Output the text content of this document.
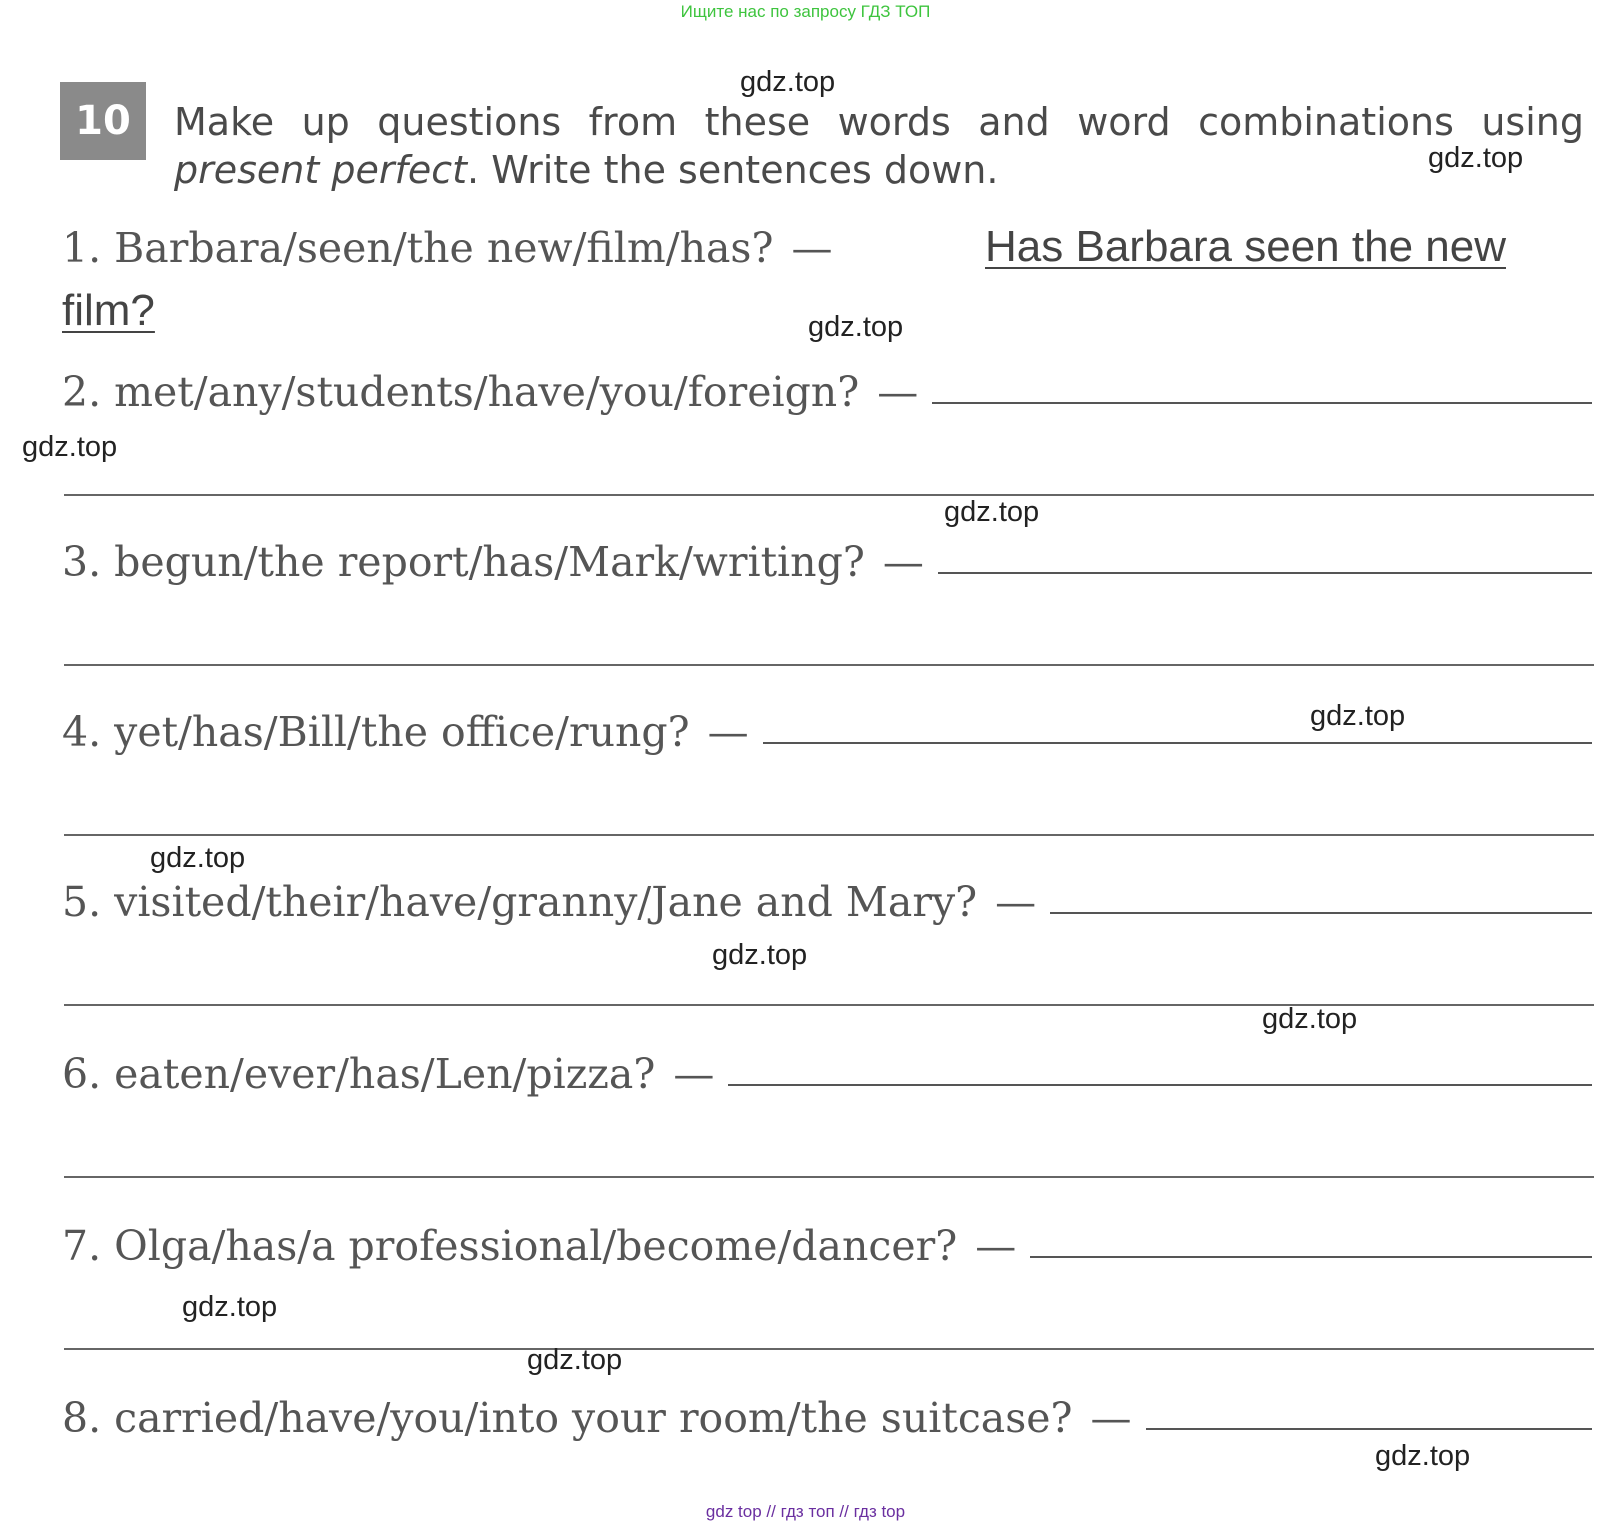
Ищите нас по запросу ГДЗ ТОП
10	Make up questions from these words and word combinations using present perfect. Write the sentences down.
1. Barbara/seen/the new/film/has? —	Has Barbara seen the new
film?
2. met/any/students/have/you/foreign? —
3. begun/the report/has/Mark/writing? —
4. yet/has/Bill/the office/rung? —
5. visited/their/have/granny/Jane and Mary? —
6. eaten/ever/has/Len/pizza? —
7. Olga/has/a professional/become/dancer? —
8. carried/have/you/into your room/the suitcase? —
gdz.top
gdz.top
gdz.top
gdz.top
gdz.top
gdz.top
gdz.top
gdz.top
gdz.top
gdz.top
gdz.top
gdz.top
gdz top // гдз топ // гдз top
